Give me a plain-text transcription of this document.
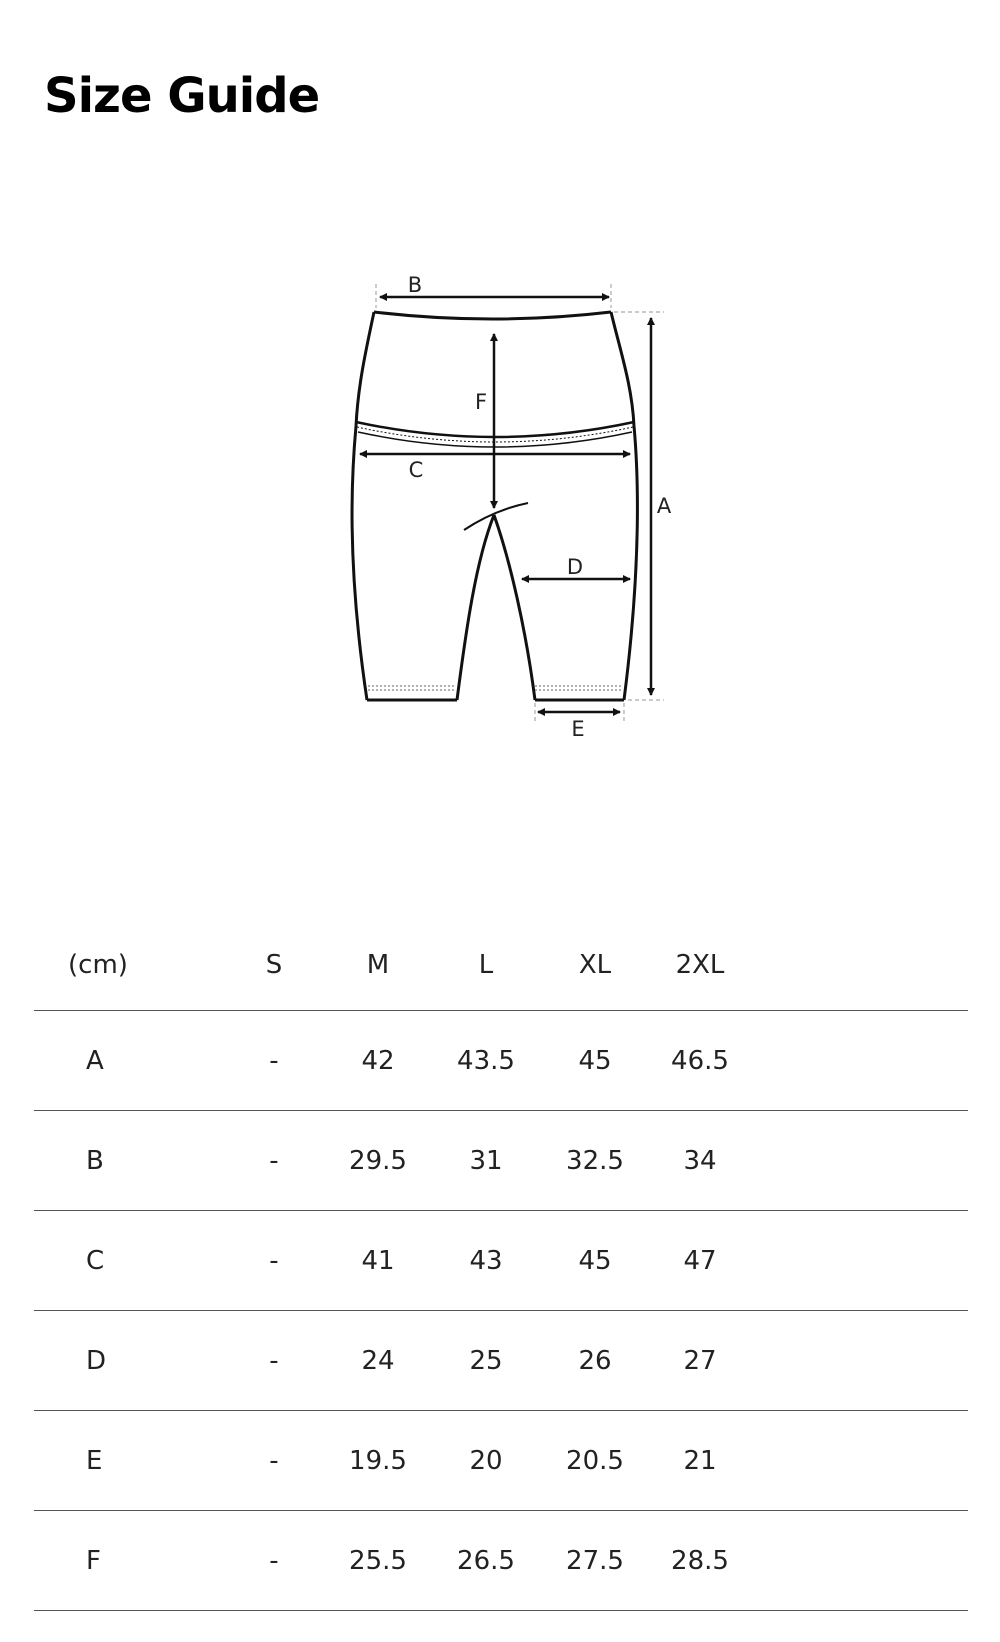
Size Guide
B
F
C
A
D
E
(cm)	S	M	L	XL	2XL	
A	-	42	43.5	45	46.5	
B	-	29.5	31	32.5	34	
C	-	41	43	45	47	
D	-	24	25	26	27	
E	-	19.5	20	20.5	21	
F	-	25.5	26.5	27.5	28.5	
